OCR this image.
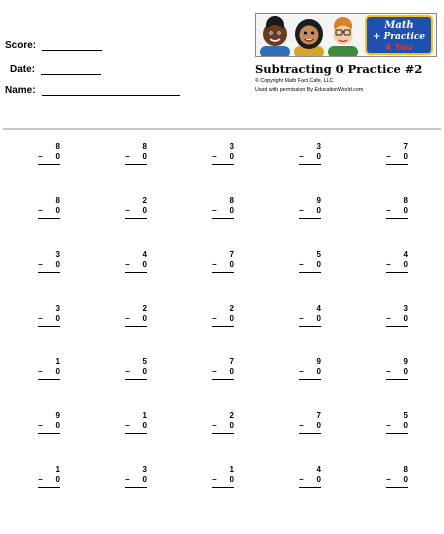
Score:
Date:
Name:
Math
+ Practice
4 You
Subtracting 0 Practice #2
© Copyright Math Fact Cafe, LLC
Used with permission By EducationWorld.com
8
− 0
8
− 0
3
− 0
3
− 0
7
− 0
8
− 0
2
− 0
8
− 0
9
− 0
8
− 0
3
− 0
4
− 0
7
− 0
5
− 0
4
− 0
3
− 0
2
− 0
2
− 0
4
− 0
3
− 0
1
− 0
5
− 0
7
− 0
9
− 0
9
− 0
9
− 0
1
− 0
2
− 0
7
− 0
5
− 0
1
− 0
3
− 0
1
− 0
4
− 0
8
− 0
